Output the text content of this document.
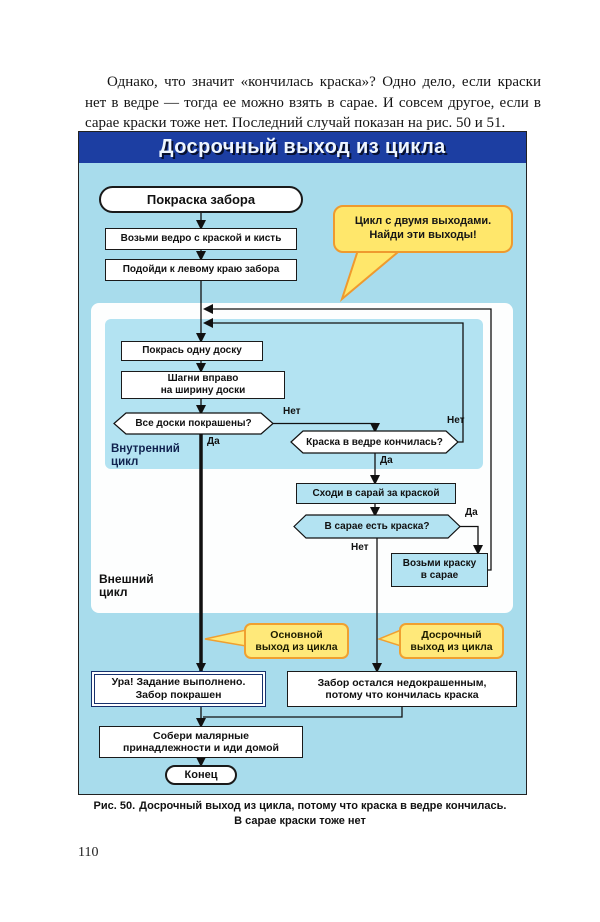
Однако, что значит «кончилась краска»? Одно дело, если краски нет в ведре — тогда ее можно взять в сарае. И совсем другое, если в сарае краски тоже нет. Последний случай показан на рис. 50 и 51.

Досрочный выход из цикла
Внутренний
цикл
Внешний
цикл
Покраска забора
Возьми ведро с краской и кисть
Подойди к левому краю забора
Цикл с двумя выходами.
Найди эти выходы!
Покрась одну доску
Шагни вправо
на ширину доски
Все доски покрашены?
Краска в ведре кончилась?
Сходи в сарай за краской
В сарае есть краска?
Возьми краску
в сарае
Нет
Да
Нет
Да
Да
Нет
Основной
выход из цикла
Досрочный
выход из цикла
Ура! Задание выполнено.
Забор покрашен
Забор остался недокрашенным,
потому что кончилась краска
Собери малярные
принадлежности и иди домой
Конец
Рис. 50. Досрочный выход из цикла, потому что краска в ведре кончилась.
В сарае краски тоже нет
110
